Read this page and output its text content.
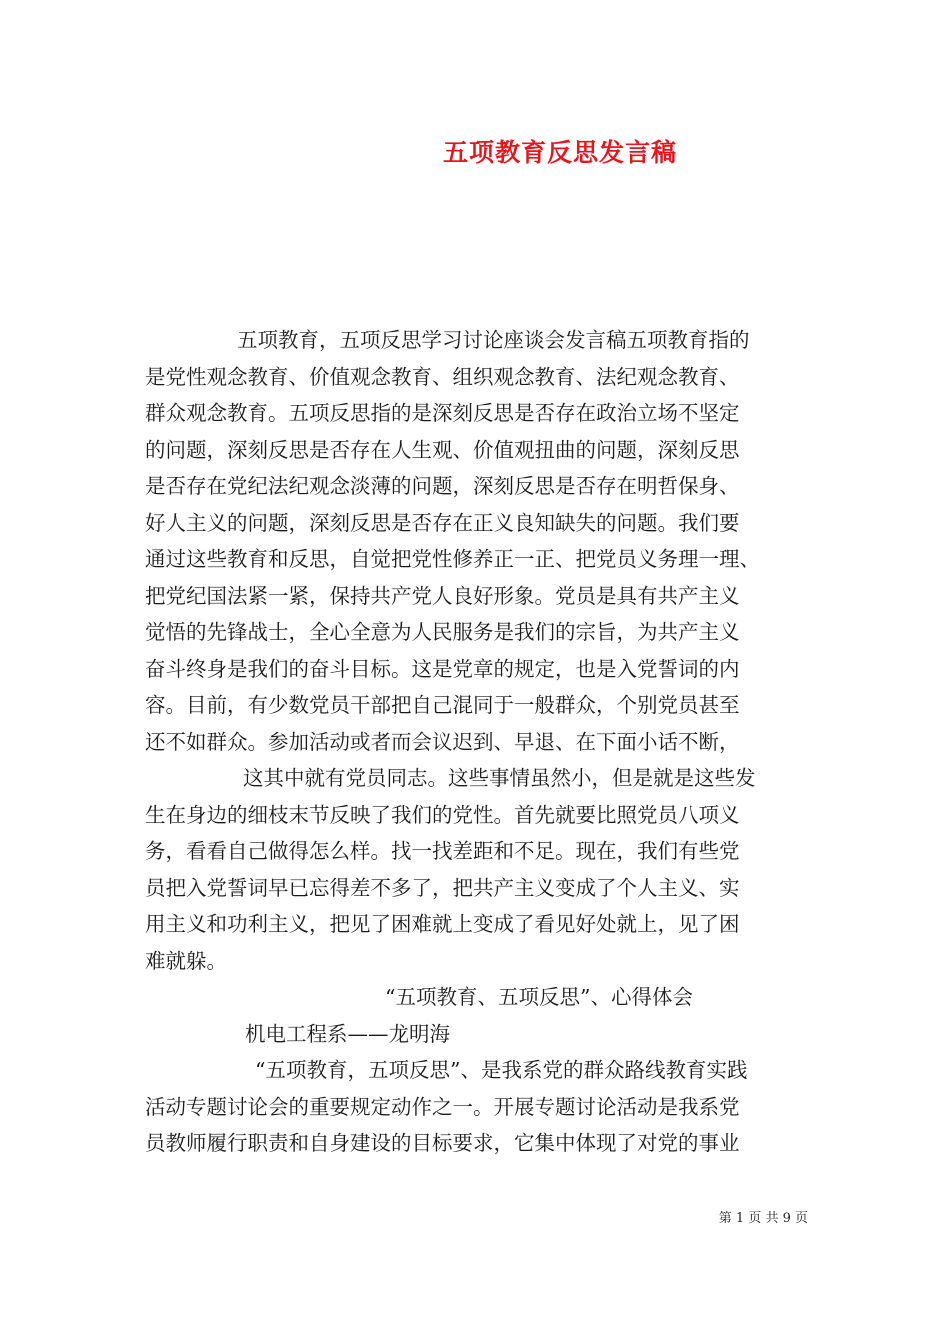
五项教育反思发言稿
五项教育，五项反思学习讨论座谈会发言稿五项教育指的
是党性观念教育、价值观念教育、组织观念教育、法纪观念教育、
群众观念教育。五项反思指的是深刻反思是否存在政治立场不坚定
的问题，深刻反思是否存在人生观、价值观扭曲的问题，深刻反思
是否存在党纪法纪观念淡薄的问题，深刻反思是否存在明哲保身、
好人主义的问题，深刻反思是否存在正义良知缺失的问题。我们要
通过这些教育和反思，自觉把党性修养正一正、把党员义务理一理、
把党纪国法紧一紧，保持共产党人良好形象。党员是具有共产主义
觉悟的先锋战士，全心全意为人民服务是我们的宗旨，为共产主义
奋斗终身是我们的奋斗目标。这是党章的规定，也是入党誓词的内
容。目前，有少数党员干部把自己混同于一般群众，个别党员甚至
还不如群众。参加活动或者而会议迟到、早退、在下面小话不断，
这其中就有党员同志。这些事情虽然小，但是就是这些发
生在身边的细枝末节反映了我们的党性。首先就要比照党员八项义
务，看看自己做得怎么样。找一找差距和不足。现在，我们有些党
员把入党誓词早已忘得差不多了，把共产主义变成了个人主义、实
用主义和功利主义，把见了困难就上变成了看见好处就上，见了困
难就躲。
“五项教育、五项反思”、心得体会
机电工程系——龙明海
“五项教育，五项反思”、是我系党的群众路线教育实践
活动专题讨论会的重要规定动作之一。开展专题讨论活动是我系党
员教师履行职责和自身建设的目标要求，它集中体现了对党的事业
第 1 页 共 9 页
